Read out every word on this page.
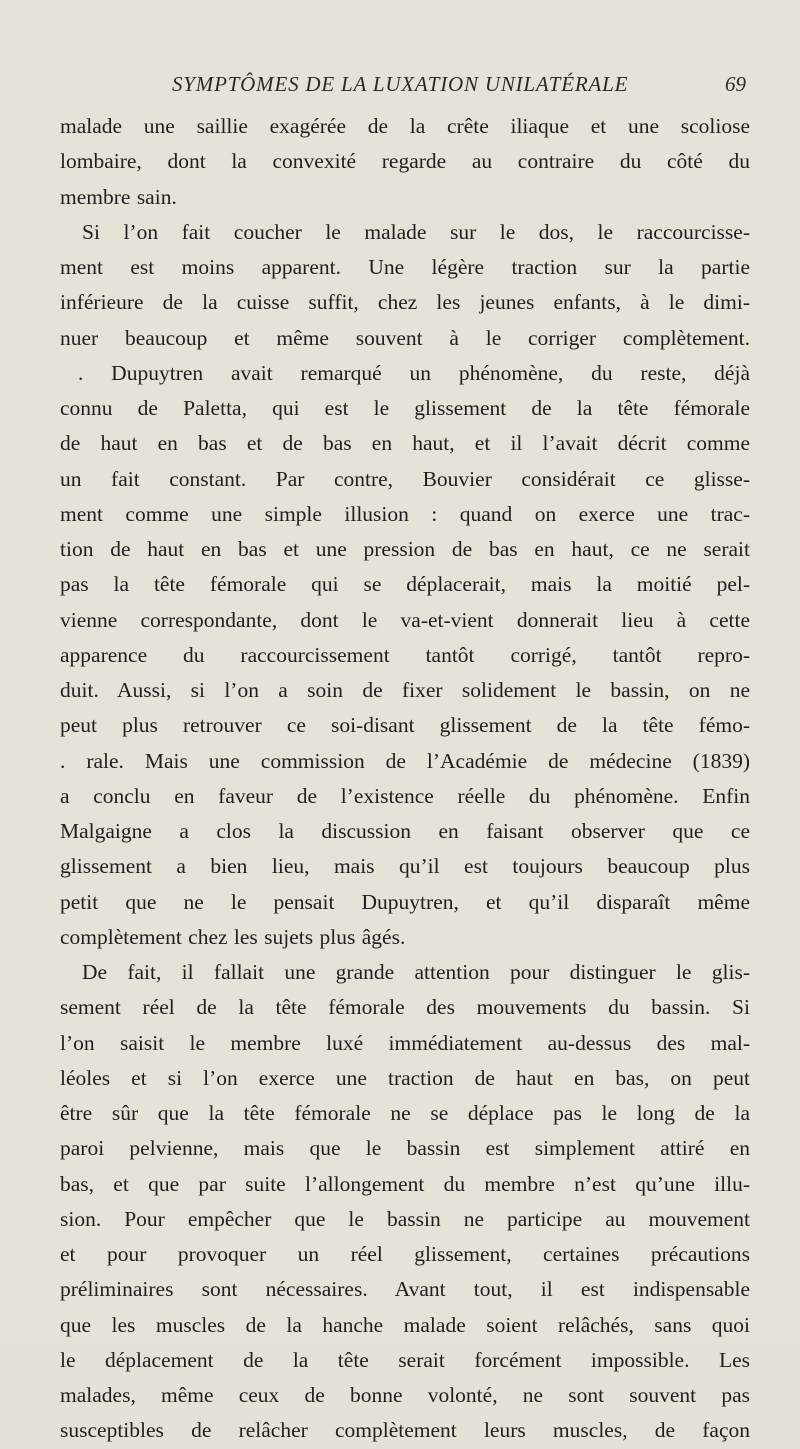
SYMPTÔMES DE LA LUXATION UNILATÉRALE	69
malade une saillie exagérée de la crête iliaque et une scoliose
lombaire, dont la convexité regarde au contraire du côté du
membre sain.
Si l’on fait coucher le malade sur le dos, le raccourcisse-
ment est moins apparent. Une légère traction sur la partie
inférieure de la cuisse suffit, chez les jeunes enfants, à le dimi-
nuer beaucoup et même souvent à le corriger complètement.
. Dupuytren avait remarqué un phénomène, du reste, déjà
connu de Paletta, qui est le glissement de la tête fémorale
de haut en bas et de bas en haut, et il l’avait décrit comme
un fait constant. Par contre, Bouvier considérait ce glisse-
ment comme une simple illusion : quand on exerce une trac-
tion de haut en bas et une pression de bas en haut, ce ne serait
pas la tête fémorale qui se déplacerait, mais la moitié pel-
vienne correspondante, dont le va-et-vient donnerait lieu à cette
apparence du raccourcissement tantôt corrigé, tantôt repro-
duit. Aussi, si l’on a soin de fixer solidement le bassin, on ne
peut plus retrouver ce soi-disant glissement de la tête fémo-
. rale. Mais une commission de l’Académie de médecine (1839)
a conclu en faveur de l’existence réelle du phénomène. Enfin
Malgaigne a clos la discussion en faisant observer que ce
glissement a bien lieu, mais qu’il est toujours beaucoup plus
petit que ne le pensait Dupuytren, et qu’il disparaît même
complètement chez les sujets plus âgés.
De fait, il fallait une grande attention pour distinguer le glis-
sement réel de la tête fémorale des mouvements du bassin. Si
l’on saisit le membre luxé immédiatement au-dessus des mal-
léoles et si l’on exerce une traction de haut en bas, on peut
être sûr que la tête fémorale ne se déplace pas le long de la
paroi pelvienne, mais que le bassin est simplement attiré en
bas, et que par suite l’allongement du membre n’est qu’une illu-
sion. Pour empêcher que le bassin ne participe au mouvement
et pour provoquer un réel glissement, certaines précautions
préliminaires sont nécessaires. Avant tout, il est indispensable
que les muscles de la hanche malade soient relâchés, sans quoi
le déplacement de la tête serait forcément impossible. Les
malades, même ceux de bonne volonté, ne sont souvent pas
susceptibles de relâcher complètement leurs muscles, de façon
